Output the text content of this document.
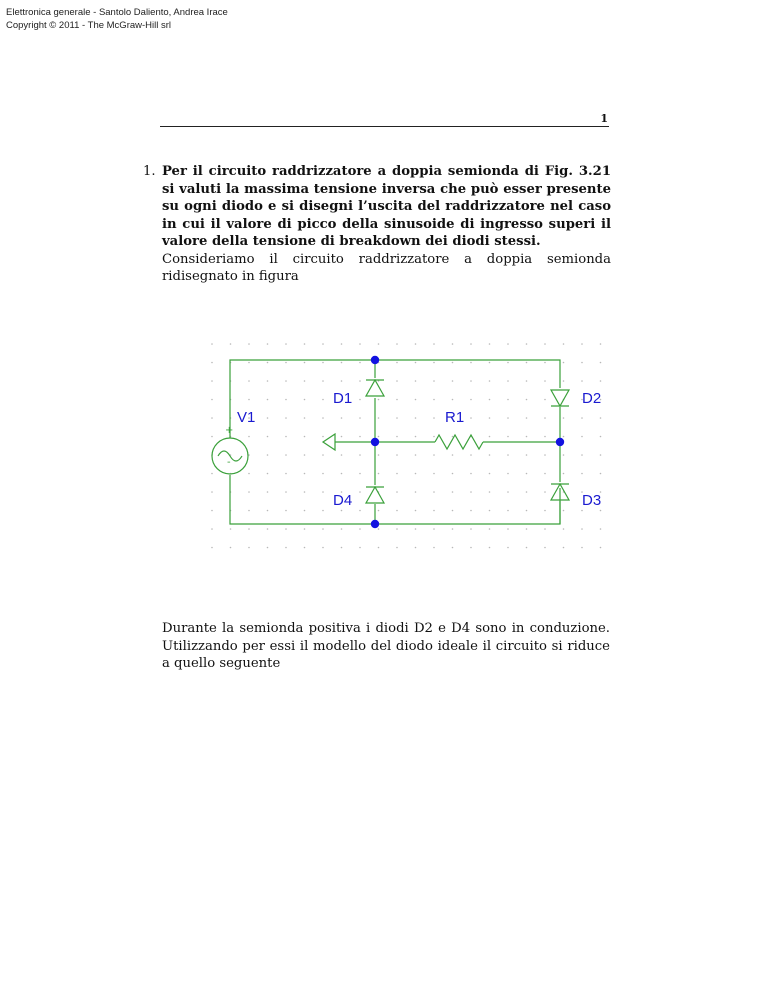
Elettronica generale - Santolo Daliento, Andrea Irace
Copyright © 2011 - The McGraw-Hill srl
1
1. Per il circuito raddrizzatore a doppia semionda di Fig. 3.21 si valuti la massima tensione inversa che può esser presente su ogni diodo e si disegni l’uscita del raddrizzatore nel caso in cui il valore di picco della sinusoide di ingresso superi il valore della tensione di breakdown dei diodi stessi.
Consideriamo il circuito raddrizzatore a doppia semionda ridisegnato in figura
D1	D2
V1	R1
D4	D3
+
-
Durante la semionda positiva i diodi D2 e D4 sono in conduzione. Utilizzando per essi il modello del diodo ideale il circuito si riduce a quello seguente
